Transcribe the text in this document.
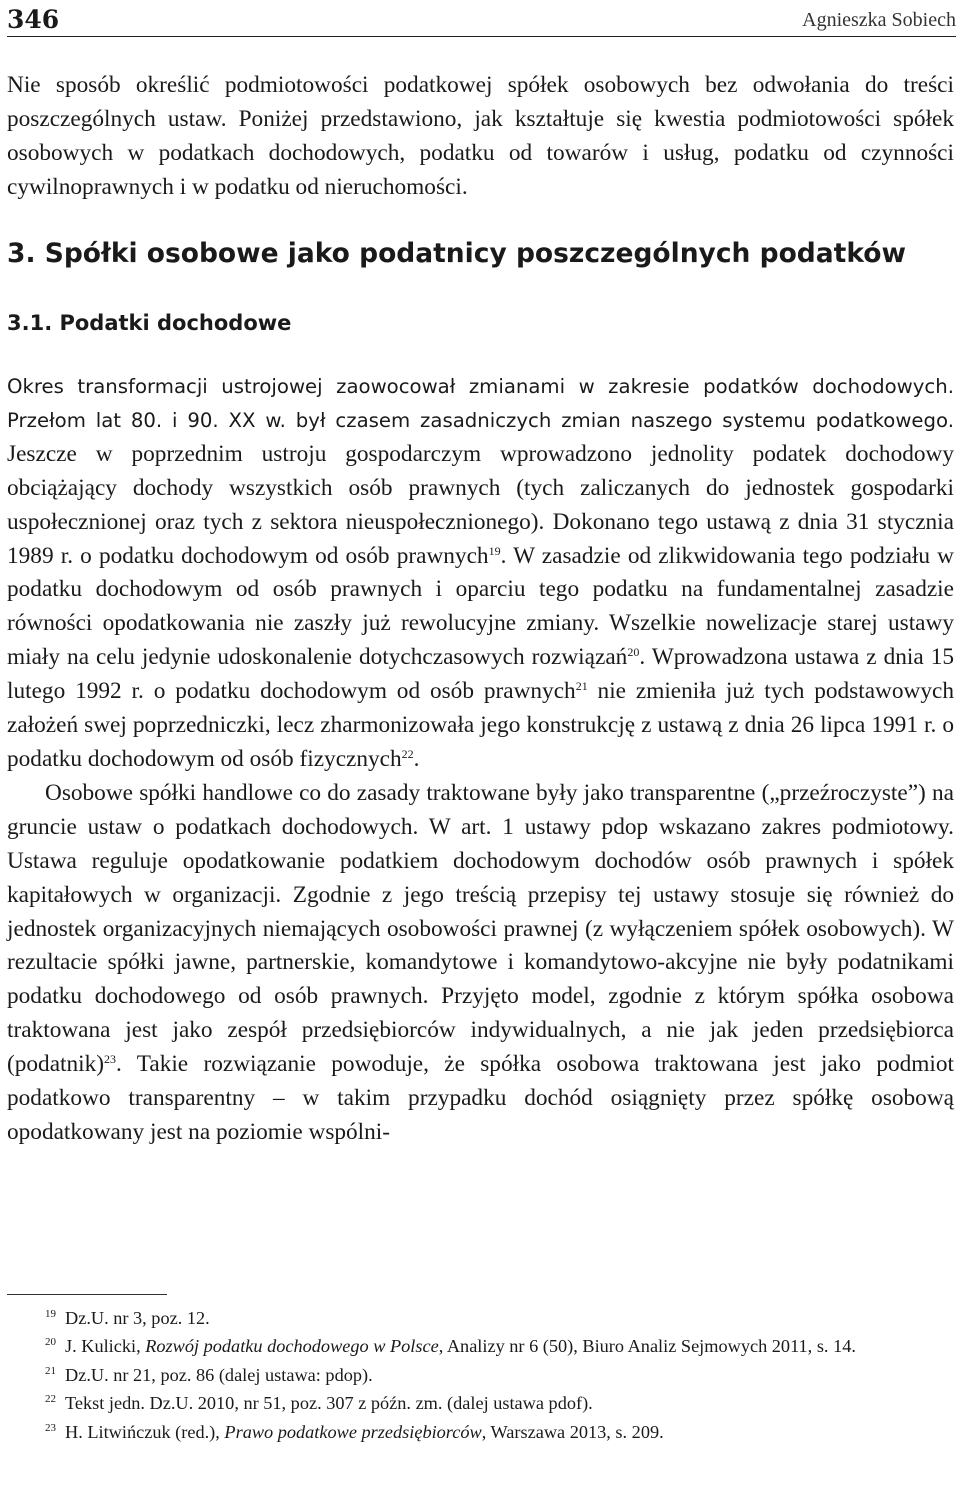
346	Agnieszka Sobiech

Nie sposób określić podmiotowości podatkowej spółek osobowych bez odwołania do treści poszczególnych ustaw. Poniżej przedstawiono, jak kształtuje się kwestia podmiotowości spółek osobowych w podatkach dochodowych, podatku od towarów i usług, podatku od czynności cywilnoprawnych i w podatku od nieruchomości.

3. Spółki osobowe jako podatnicy poszczególnych podatków
3.1. Podatki dochodowe

Okres transformacji ustrojowej zaowocował zmianami w zakresie podatków dochodowych. Przełom lat 80. i 90. XX w. był czasem zasadniczych zmian naszego systemu podatkowego. Jeszcze w poprzednim ustroju gospodarczym wprowadzono jednolity podatek dochodowy obciążający dochody wszystkich osób prawnych (tych zaliczanych do jednostek gospodarki uspołecznionej oraz tych z sektora nieuspołecznionego). Dokonano tego ustawą z dnia 31 stycznia 1989 r. o podatku dochodowym od osób prawnych$^{19}$. W zasadzie od zlikwidowania tego podziału w podatku dochodowym od osób prawnych i oparciu tego podatku na fundamentalnej zasadzie równości opodatkowania nie zaszły już rewolucyjne zmiany. Wszelkie nowelizacje starej ustawy miały na celu jedynie udoskonalenie dotychczasowych rozwiązań$^{20}$. Wprowadzona ustawa z dnia 15 lutego 1992 r. o podatku dochodowym od osób prawnych$^{21}$ nie zmieniła już tych podstawowych założeń swej poprzedniczki, lecz zharmonizowała jego konstrukcję z ustawą z dnia 26 lipca 1991 r. o podatku dochodowym od osób fizycznych$^{22}$.

Osobowe spółki handlowe co do zasady traktowane były jako transparentne („przeźroczyste”) na gruncie ustaw o podatkach dochodowych. W art. 1 ustawy pdop wskazano zakres podmiotowy. Ustawa reguluje opodatkowanie podatkiem dochodowym dochodów osób prawnych i spółek kapitałowych w organizacji. Zgodnie z jego treścią przepisy tej ustawy stosuje się również do jednostek organizacyjnych niemających osobowości prawnej (z wyłączeniem spółek osobowych). W rezultacie spółki jawne, partnerskie, komandytowe i komandytowo-akcyjne nie były podatnikami podatku dochodowego od osób prawnych. Przyjęto model, zgodnie z którym spółka osobowa traktowana jest jako zespół przedsiębiorców indywidualnych, a nie jak jeden przedsiębiorca (podatnik)$^{23}$. Takie rozwiązanie powoduje, że spółka osobowa traktowana jest jako podmiot podatkowo transparentny – w takim przypadku dochód osiągnięty przez spółkę osobową opodatkowany jest na poziomie wspólni-

$^{19}$ Dz.U. nr 3, poz. 12.

$^{20}$ J. Kulicki, Rozwój podatku dochodowego w Polsce, Analizy nr 6 (50), Biuro Analiz Sejmowych 2011, s. 14.

$^{21}$ Dz.U. nr 21, poz. 86 (dalej ustawa: pdop).

$^{22}$ Tekst jedn. Dz.U. 2010, nr 51, poz. 307 z późn. zm. (dalej ustawa pdof).

$^{23}$ H. Litwińczuk (red.), Prawo podatkowe przedsiębiorców, Warszawa 2013, s. 209.
